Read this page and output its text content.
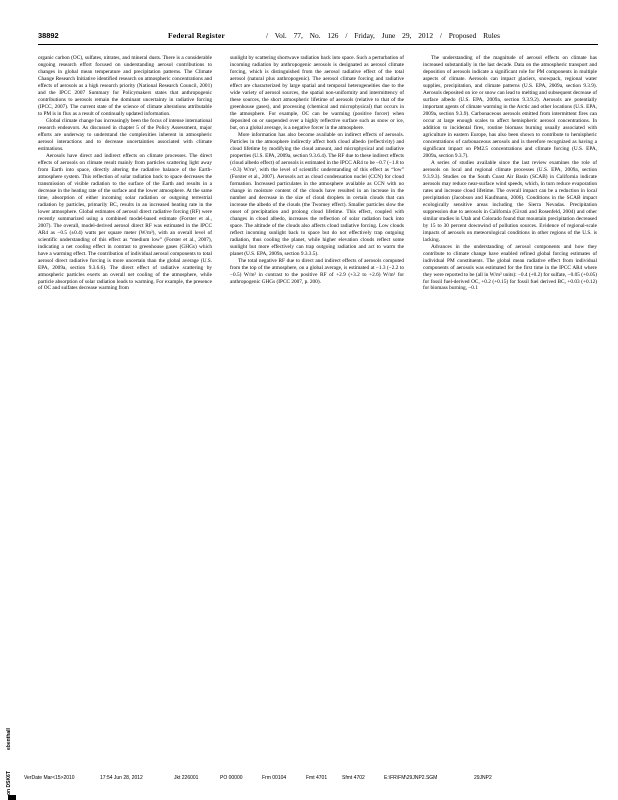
38892	Federal Register	/ Vol. 77, No. 126 / Friday, June 29, 2012 / Proposed Rules

organic carbon (OC), sulfates, nitrates, and mineral dusts. There is a considerable ongoing research effort focused on understanding aerosol contributions to changes in global mean temperature and precipitation patterns. The Climate Change Research Initiative identified research on atmospheric concentrations and effects of aerosols as a high research priority (National Research Council, 2001) and the IPCC 2007 Summary for Policymakers states that anthropogenic contributions to aerosols remain the dominant uncertainty in radiative forcing (IPCC, 2007). The current state of the science of climate alterations attributable to PM is in flux as a result of continually updated information.

Global climate change has increasingly been the focus of intense international research endeavors. As discussed in chapter 5 of the Policy Assessment, major efforts are underway to understand the complexities inherent in atmospheric aerosol interactions and to decrease uncertainties associated with climate estimations.

Aerosols have direct and indirect effects on climate processes. The direct effects of aerosols on climate result mainly from particles scattering light away from Earth into space, directly altering the radiative balance of the Earth-atmosphere system. This reflection of solar radiation back to space decreases the transmission of visible radiation to the surface of the Earth and results in a decrease in the heating rate of the surface and the lower atmosphere. At the same time, absorption of either incoming solar radiation or outgoing terrestrial radiation by particles, primarily BC, results in an increased heating rate in the lower atmosphere. Global estimates of aerosol direct radiative forcing (RF) were recently summarized using a combined model-based estimate (Forster et al., 2007). The overall, model-derived aerosol direct RF was estimated in the IPCC AR4 as −0.5 (±0.4) watts per square meter (W/m²), with an overall level of scientific understanding of this effect as “medium low” (Forster et al., 2007), indicating a net cooling effect in contrast to greenhouse gases (GHGs) which have a warming effect. The contribution of individual aerosol components to total aerosol direct radiative forcing is more uncertain than the global average (U.S. EPA, 2009a, section 9.3.6.6). The direct effect of radiative scattering by atmospheric particles exerts an overall net cooling of the atmosphere, while particle absorption of solar radiation leads to warming. For example, the presence of OC and sulfates decrease warming from

sunlight by scattering shortwave radiation back into space. Such a perturbation of incoming radiation by anthropogenic aerosols is designated as aerosol climate forcing, which is distinguished from the aerosol radiative effect of the total aerosol (natural plus anthropogenic). The aerosol climate forcing and radiative effect are characterized by large spatial and temporal heterogeneities due to the wide variety of aerosol sources, the spatial non-uniformity and intermittency of these sources, the short atmospheric lifetime of aerosols (relative to that of the greenhouse gases), and processing (chemical and microphysical) that occurs in the atmosphere. For example, OC can be warming (positive forcer) when deposited on or suspended over a highly reflective surface such as snow or ice, but, on a global average, is a negative forcer in the atmosphere.

More information has also become available on indirect effects of aerosols. Particles in the atmosphere indirectly affect both cloud albedo (reflectivity) and cloud lifetime by modifying the cloud amount, and microphysical and radiative properties (U.S. EPA, 2009a, section 9.3.6.4). The RF due to these indirect effects (cloud albedo effect) of aerosols is estimated in the IPCC AR4 to be −0.7 (−1.8 to −0.3) W/m², with the level of scientific understanding of this effect as “low” (Forster et al., 2007). Aerosols act as cloud condensation nuclei (CCN) for cloud formation. Increased particulates in the atmosphere available as CCN with no change in moisture content of the clouds have resulted in an increase in the number and decrease in the size of cloud droplets in certain clouds that can increase the albedo of the clouds (the Twomey effect). Smaller particles slow the onset of precipitation and prolong cloud lifetime. This effect, coupled with changes in cloud albedo, increases the reflection of solar radiation back into space. The altitude of the clouds also affects cloud radiative forcing. Low clouds reflect incoming sunlight back to space but do not effectively trap outgoing radiation, thus cooling the planet, while higher elevation clouds reflect some sunlight but more effectively can trap outgoing radiation and act to warm the planet (U.S. EPA, 2009a, section 9.3.3.5).

The total negative RF due to direct and indirect effects of aerosols computed from the top of the atmosphere, on a global average, is estimated at −1.3 (−2.2 to −0.5) W/m² in contrast to the positive RF of +2.9 (+3.2 to +2.6) W/m² for anthropogenic GHGs (IPCC 2007, p. 200).

The understanding of the magnitude of aerosol effects on climate has increased substantially in the last decade. Data on the atmospheric transport and deposition of aerosols indicate a significant role for PM components in multiple aspects of climate. Aerosols can impact glaciers, snowpack, regional water supplies, precipitation, and climate patterns (U.S. EPA, 2009a, section 9.3.9). Aerosols deposited on ice or snow can lead to melting and subsequent decrease of surface albedo (U.S. EPA, 2009a, section 9.3.9.2). Aerosols are potentially important agents of climate warming in the Arctic and other locations (U.S. EPA, 2009a, section 9.3.9). Carbonaceous aerosols emitted from intermittent fires can occur at large enough scales to affect hemispheric aerosol concentrations. In addition to incidental fires, routine biomass burning usually associated with agriculture in eastern Europe, has also been shown to contribute to hemispheric concentrations of carbonaceous aerosols and is therefore recognized as having a significant impact on PM2.5 concentrations and climate forcing (U.S. EPA, 2009a, section 9.3.7).

A series of studies available since the last review examines the role of aerosols on local and regional climate processes (U.S. EPA, 2009a, section 9.3.9.3). Studies on the South Coast Air Basin (SCAB) in California indicate aerosols may reduce near-surface wind speeds, which, in turn reduce evaporation rates and increase cloud lifetime. The overall impact can be a reduction in local precipitation (Jacobson and Kaufmann, 2006). Conditions in the SCAB impact ecologically sensitive areas including the Sierra Nevadas. Precipitation suppression due to aerosols in California (Givati and Rosenfeld, 2004) and other similar studies in Utah and Colorado found that mountain precipitation decreased by 15 to 30 percent downwind of pollution sources. Evidence of regional-scale impacts of aerosols on meteorological conditions in other regions of the U.S. is lacking.

Advances in the understanding of aerosol components and how they contribute to climate change have enabled refined global forcing estimates of individual PM constituents. The global mean radiative effect from individual components of aerosols was estimated for the first time in the IPCC AR4 where they were reported to be (all in W/m² units): −0.4 (+0.2) for sulfate, −0.05 (+0.05) for fossil fuel-derived OC, +0.2 (+0.15) for fossil fuel derived BC, +0.03 (+0.12) for biomass burning, −0.1

ebenthall
on DSK6T	VerDate Mar<15>2010	17:54 Jun 28, 2012	Jkt 226001	PO 00000	Frm 00104	Fmt 4701	Sfmt 4702	E:\FR\FM\29JNP2.SGM	29JNP2
